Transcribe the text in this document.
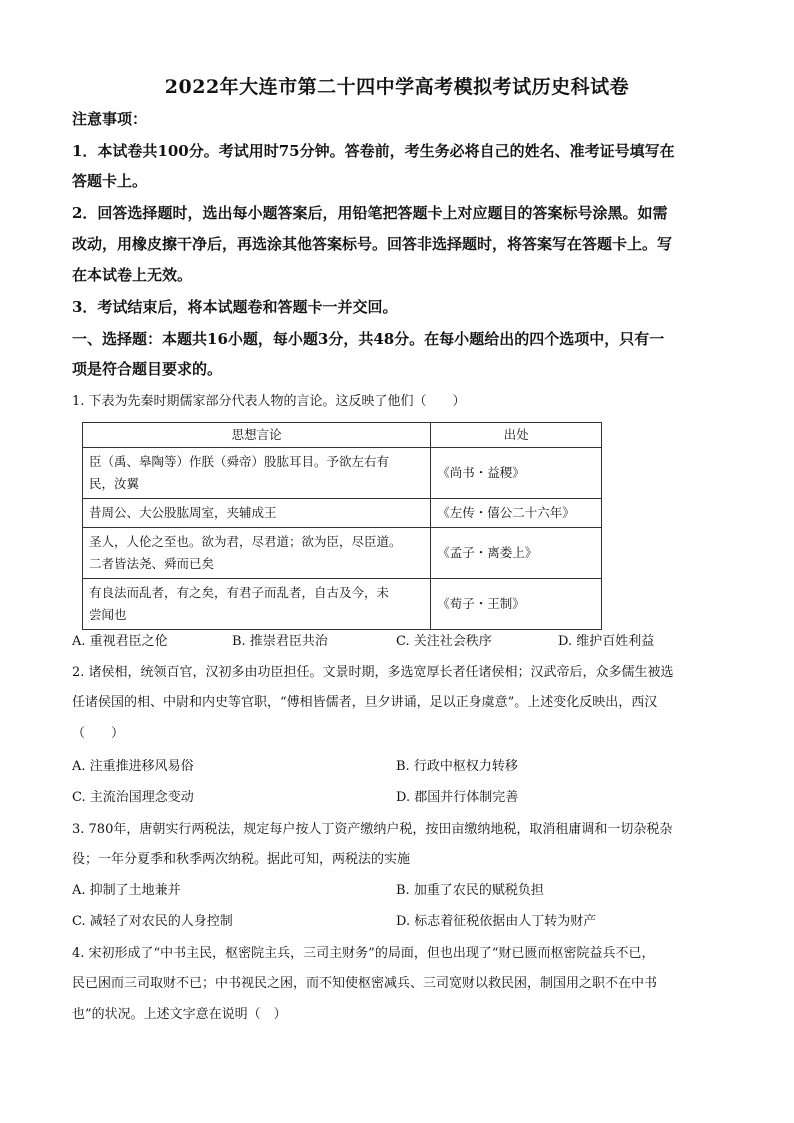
2022年大连市第二十四中学高考模拟考试历史科试卷
注意事项：
1．本试卷共100分。考试用时75分钟。答卷前，考生务必将自己的姓名、准考证号填写在
答题卡上。
2．回答选择题时，选出每小题答案后，用铅笔把答题卡上对应题目的答案标号涂黑。如需
改动，用橡皮擦干净后，再选涂其他答案标号。回答非选择题时，将答案写在答题卡上。写
在本试卷上无效。
3．考试结束后，将本试题卷和答题卡一并交回。
一、选择题：本题共16小题，每小题3分，共48分。在每小题给出的四个选项中，只有一
项是符合题目要求的。
1. 下表为先秦时期儒家部分代表人物的言论。这反映了他们（　　）
思想言论	出处
臣（禹、皋陶等）作朕（舜帝）股肱耳目。予欲左右有
民，汝翼	《尚书・益稷》
昔周公、大公股肱周室，夹辅成王	《左传・僖公二十六年》
圣人，人伦之至也。欲为君，尽君道；欲为臣，尽臣道。
二者皆法尧、舜而已矣	《孟子・离娄上》
有良法而乱者，有之矣，有君子而乱者，自古及今，未
尝闻也	《荀子・王制》
A. 重视君臣之伦	B. 推崇君臣共治	C. 关注社会秩序	D. 维护百姓利益
2. 诸侯相，统领百官，汉初多由功臣担任。文景时期，多选宽厚长者任诸侯相；汉武帝后，众多儒生被选
任诸侯国的相、中尉和内史等官职，“傅相皆儒者，旦夕讲诵，足以正身虞意”。上述变化反映出，西汉
（　　）
A. 注重推进移风易俗	B. 行政中枢权力转移
C. 主流治国理念变动	D. 郡国并行体制完善
3. 780年，唐朝实行两税法，规定每户按人丁资产缴纳户税，按田亩缴纳地税，取消租庸调和一切杂税杂
役；一年分夏季和秋季两次纳税。据此可知，两税法的实施
A. 抑制了土地兼并	B. 加重了农民的赋税负担
C. 减轻了对农民的人身控制	D. 标志着征税依据由人丁转为财产
4. 宋初形成了“中书主民，枢密院主兵，三司主财务”的局面，但也出现了“财已匮而枢密院益兵不已，
民已困而三司取财不已；中书视民之困，而不知使枢密减兵、三司宽财以救民困，制国用之职不在中书
也”的状况。上述文字意在说明（　）
